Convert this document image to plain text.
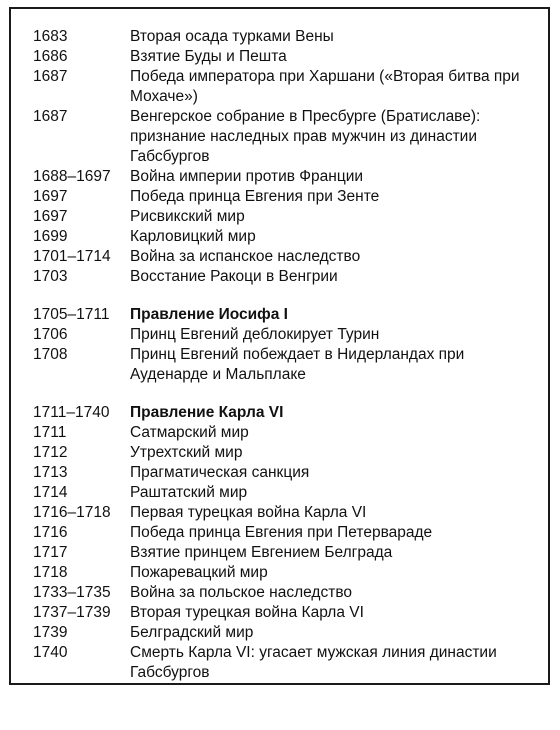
1683	Вторая осада турками Вены
1686	Взятие Буды и Пешта
1687	Победа императора при Харшани («Вторая битва при Мохаче»)
1687	Венгерское собрание в Пресбурге (Братиславе): признание наследных прав мужчин из династии Габсбургов
1688–1697	Война империи против Франции
1697	Победа принца Евгения при Зенте
1697	Рисвикский мир
1699	Карловицкий мир
1701–1714	Война за испанское наследство
1703	Восстание Ракоци в Венгрии
1705–1711	Правление Иосифа I
1706	Принц Евгений деблокирует Турин
1708	Принц Евгений побеждает в Нидерландах при Ауденарде и Мальплаке
1711–1740	Правление Карла VI
1711	Сатмарский мир
1712	Утрехтский мир
1713	Прагматическая санкция
1714	Раштатский мир
1716–1718	Первая турецкая война Карла VI
1716	Победа принца Евгения при Петерварaде
1717	Взятие принцем Евгением Белграда
1718	Пожаревацкий мир
1733–1735	Война за польское наследство
1737–1739	Вторая турецкая война Карла VI
1739	Белградский мир
1740	Смерть Карла VI: угасает мужская линия династии Габсбургов
